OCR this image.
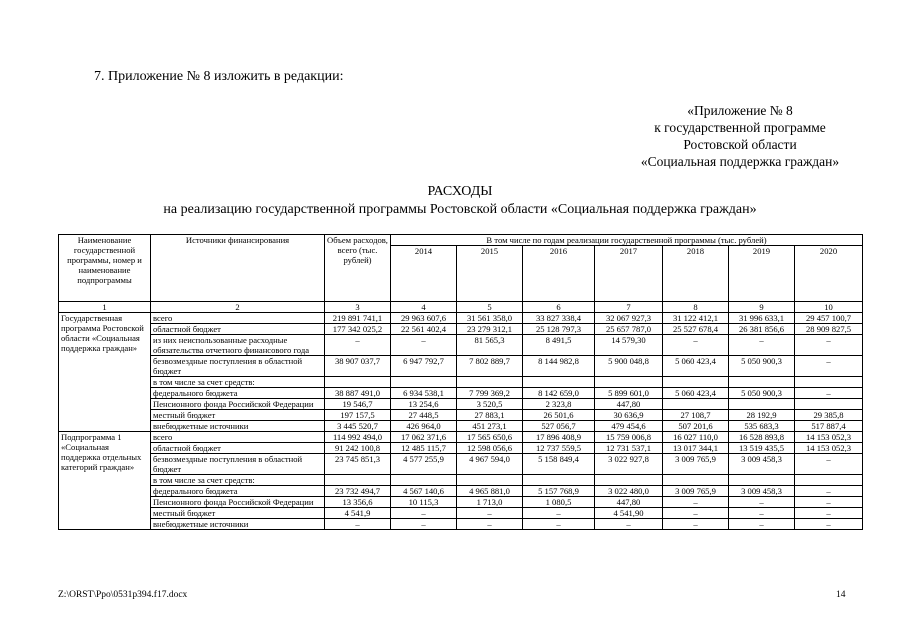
7. Приложение № 8 изложить в редакции:
«Приложение № 8
к государственной программе
Ростовской области
«Социальная поддержка граждан»
РАСХОДЫ
на реализацию государственной программы Ростовской области «Социальная поддержка граждан»
Наименование государственной программы, номер и наименование подпрограммы	Источники финансирования	Объем расходов, всего (тыс. рублей)	В том числе по годам реализации государственной программы (тыс. рублей)						
			2014	2015	2016	2017	2018	2019	2020
1	2	3	4	5	6	7	8	9	10
Государственная программа Ростовской области «Социальная поддержка граждан»	всего	219 891 741,1	29 963 607,6	31 561 358,0	33 827 338,4	32 067 927,3	31 122 412,1	31 996 633,1	29 457 100,7
	областной бюджет	177 342 025,2	22 561 402,4	23 279 312,1	25 128 797,3	25 657 787,0	25 527 678,4	26 381 856,6	28 909 827,5
	из них неиспользованные расходные обязательства отчетного финансового года	–	–	81 565,3	8 491,5	14 579,30	–	–	–
	безвозмездные поступления в областной бюджет	38 907 037,7	6 947 792,7	7 802 889,7	8 144 982,8	5 900 048,8	5 060 423,4	5 050 900,3	–
	в том числе за счет средств:								
	федерального бюджета	38 887 491,0	6 934 538,1	7 799 369,2	8 142 659,0	5 899 601,0	5 060 423,4	5 050 900,3	–
	Пенсионного фонда Российской Федерации	19 546,7	13 254,6	3 520,5	2 323,8	447,80			
	местный бюджет	197 157,5	27 448,5	27 883,1	26 501,6	30 636,9	27 108,7	28 192,9	29 385,8
	внебюджетные источники	3 445 520,7	426 964,0	451 273,1	527 056,7	479 454,6	507 201,6	535 683,3	517 887,4
Подпрограмма 1 «Социальная поддержка отдельных категорий граждан»	всего	114 992 494,0	17 062 371,6	17 565 650,6	17 896 408,9	15 759 006,8	16 027 110,0	16 528 893,8	14 153 052,3
	областной бюджет	91 242 100,8	12 485 115,7	12 598 056,6	12 737 559,5	12 731 537,1	13 017 344,1	13 519 435,5	14 153 052,3
	безвозмездные поступления в областной бюджет	23 745 851,3	4 577 255,9	4 967 594,0	5 158 849,4	3 022 927,8	3 009 765,9	3 009 458,3	–
	в том числе за счет средств:								
	федерального бюджета	23 732 494,7	4 567 140,6	4 965 881,0	5 157 768,9	3 022 480,0	3 009 765,9	3 009 458,3	–
	Пенсионного фонда Российской Федерации	13 356,6	10 115,3	1 713,0	1 080,5	447,80	–	–	–
	местный бюджет	4 541,9	–	–	–	4 541,90	–	–	–
	внебюджетные источники	–	–	–	–	–	–	–	–
Z:\ORST\Ppo\0531p394.f17.docx	14
